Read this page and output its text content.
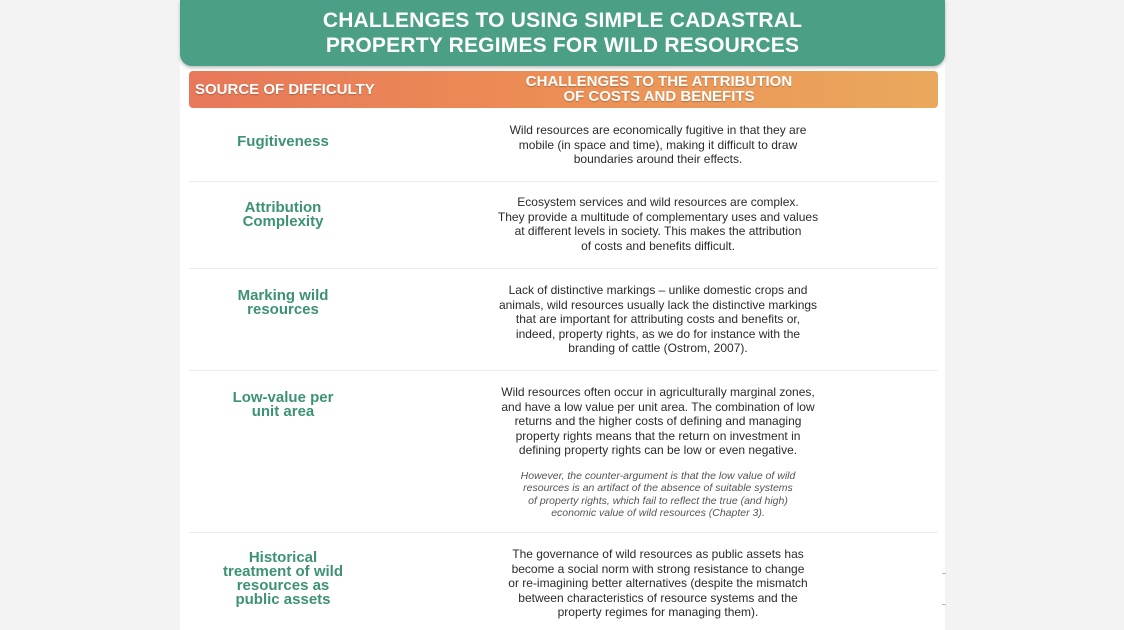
CHALLENGES TO USING SIMPLE CADASTRAL
PROPERTY REGIMES FOR WILD RESOURCES
SOURCE OF DIFFICULTY	CHALLENGES TO THE ATTRIBUTION
OF COSTS AND BENEFITS
Fugitiveness
Wild resources are economically fugitive in that they are
mobile (in space and time), making it difficult to draw
boundaries around their effects.
Attribution
Complexity
Ecosystem services and wild resources are complex.
They provide a multitude of complementary uses and values
at different levels in society. This makes the attribution
of costs and benefits difficult.
Marking wild
resources
Lack of distinctive markings – unlike domestic crops and
animals, wild resources usually lack the distinctive markings
that are important for attributing costs and benefits or,
indeed, property rights, as we do for instance with the
branding of cattle (Ostrom, 2007).
Low-value per
unit area
Wild resources often occur in agriculturally marginal zones,
and have a low value per unit area. The combination of low
returns and the higher costs of defining and managing
property rights means that the return on investment in
defining property rights can be low or even negative.
However, the counter-argument is that the low value of wild
resources is an artifact of the absence of suitable systems
of property rights, which fail to reflect the true (and high)
economic value of wild resources (Chapter 3).
Historical
treatment of wild
resources as
public assets
The governance of wild resources as public assets has
become a social norm with strong resistance to change
or re-imagining better alternatives (despite the mismatch
between characteristics of resource systems and the
property regimes for managing them).
